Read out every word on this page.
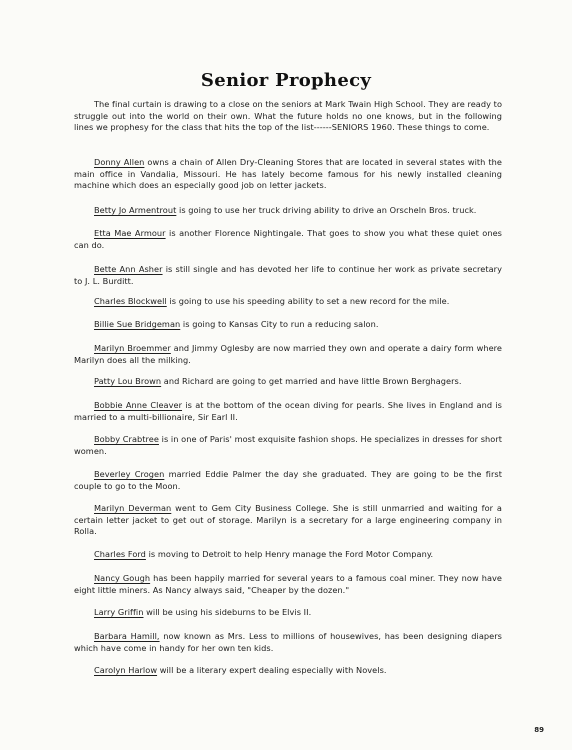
Senior Prophecy
The final curtain is drawing to a close on the seniors at Mark Twain High School. They are ready to struggle out into the world on their own. What the future holds no one knows, but in the following lines we prophesy for the class that hits the top of the list------SENIORS 1960. These things to come.
Donny Allen owns a chain of Allen Dry-Cleaning Stores that are located in several states with the main office in Vandalia, Missouri. He has lately become famous for his newly installed cleaning machine which does an especially good job on letter jackets.
Betty Jo Armentrout is going to use her truck driving ability to drive an Orscheln Bros. truck.
Etta Mae Armour is another Florence Nightingale. That goes to show you what these quiet ones can do.
Bette Ann Asher is still single and has devoted her life to continue her work as private secretary to J. L. Burditt.
Charles Blockwell is going to use his speeding ability to set a new record for the mile.
Billie Sue Bridgeman is going to Kansas City to run a reducing salon.
Marilyn Broemmer and Jimmy Oglesby are now married they own and operate a dairy form where Marilyn does all the milking.
Patty Lou Brown and Richard are going to get married and have little Brown Berghagers.
Bobbie Anne Cleaver is at the bottom of the ocean diving for pearls. She lives in England and is married to a multi-billionaire, Sir Earl II.
Bobby Crabtree is in one of Paris' most exquisite fashion shops. He specializes in dresses for short women.
Beverley Crogen married Eddie Palmer the day she graduated. They are going to be the first couple to go to the Moon.
Marilyn Deverman went to Gem City Business College. She is still unmarried and waiting for a certain letter jacket to get out of storage. Marilyn is a secretary for a large engineering company in Rolla.
Charles Ford is moving to Detroit to help Henry manage the Ford Motor Company.
Nancy Gough has been happily married for several years to a famous coal miner. They now have eight little miners. As Nancy always said, "Cheaper by the dozen."
Larry Griffin will be using his sideburns to be Elvis II.
Barbara Hamill, now known as Mrs. Less to millions of housewives, has been designing diapers which have come in handy for her own ten kids.
Carolyn Harlow will be a literary expert dealing especially with Novels.
89
